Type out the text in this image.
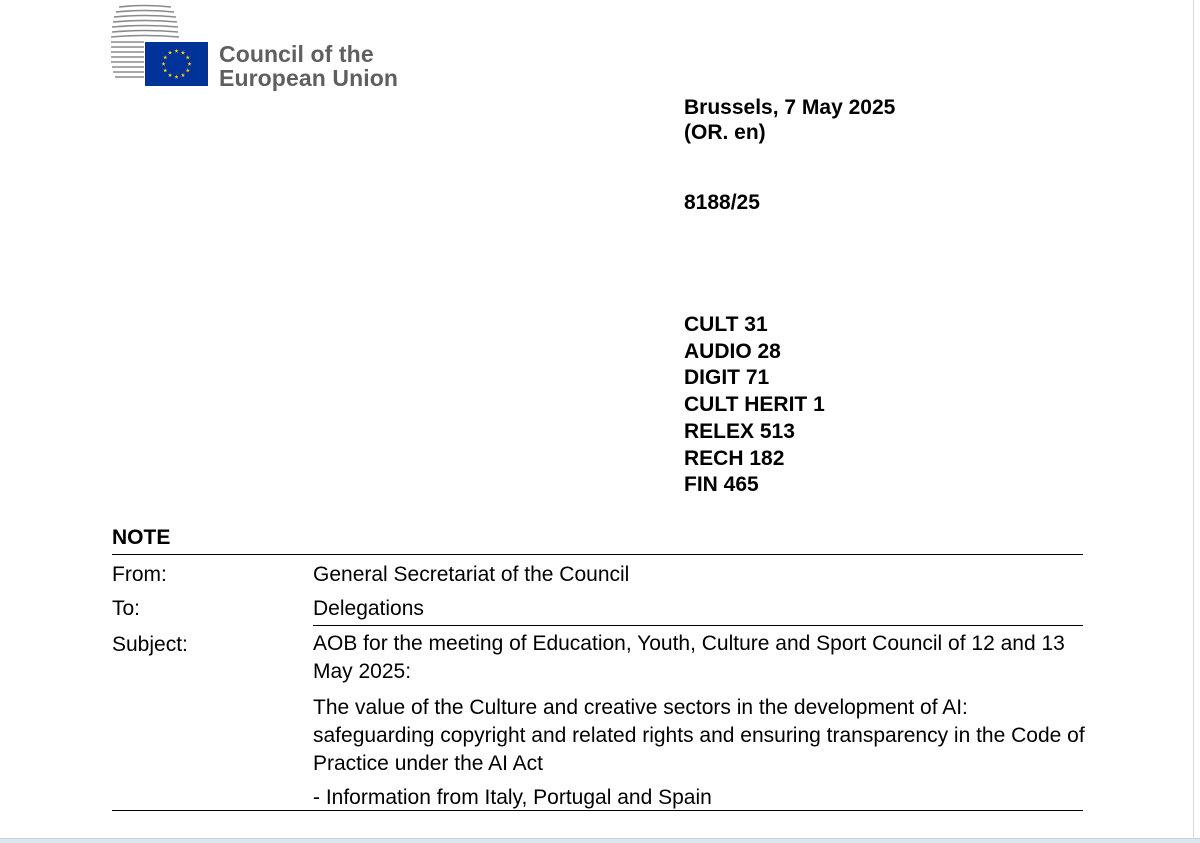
Council of the
European Union
Brussels, 7 May 2025
(OR. en)
8188/25
CULT 31
AUDIO 28
DIGIT 71
CULT HERIT 1
RELEX 513
RECH 182
FIN 465
NOTE
From:	General Secretariat of the Council
To:	Delegations
Subject:	AOB for the meeting of Education, Youth, Culture and Sport Council of 12 and 13 May 2025:

The value of the Culture and creative sectors in the development of AI: safeguarding copyright and related rights and ensuring transparency in the Code of Practice under the AI Act

- Information from Italy, Portugal and Spain
